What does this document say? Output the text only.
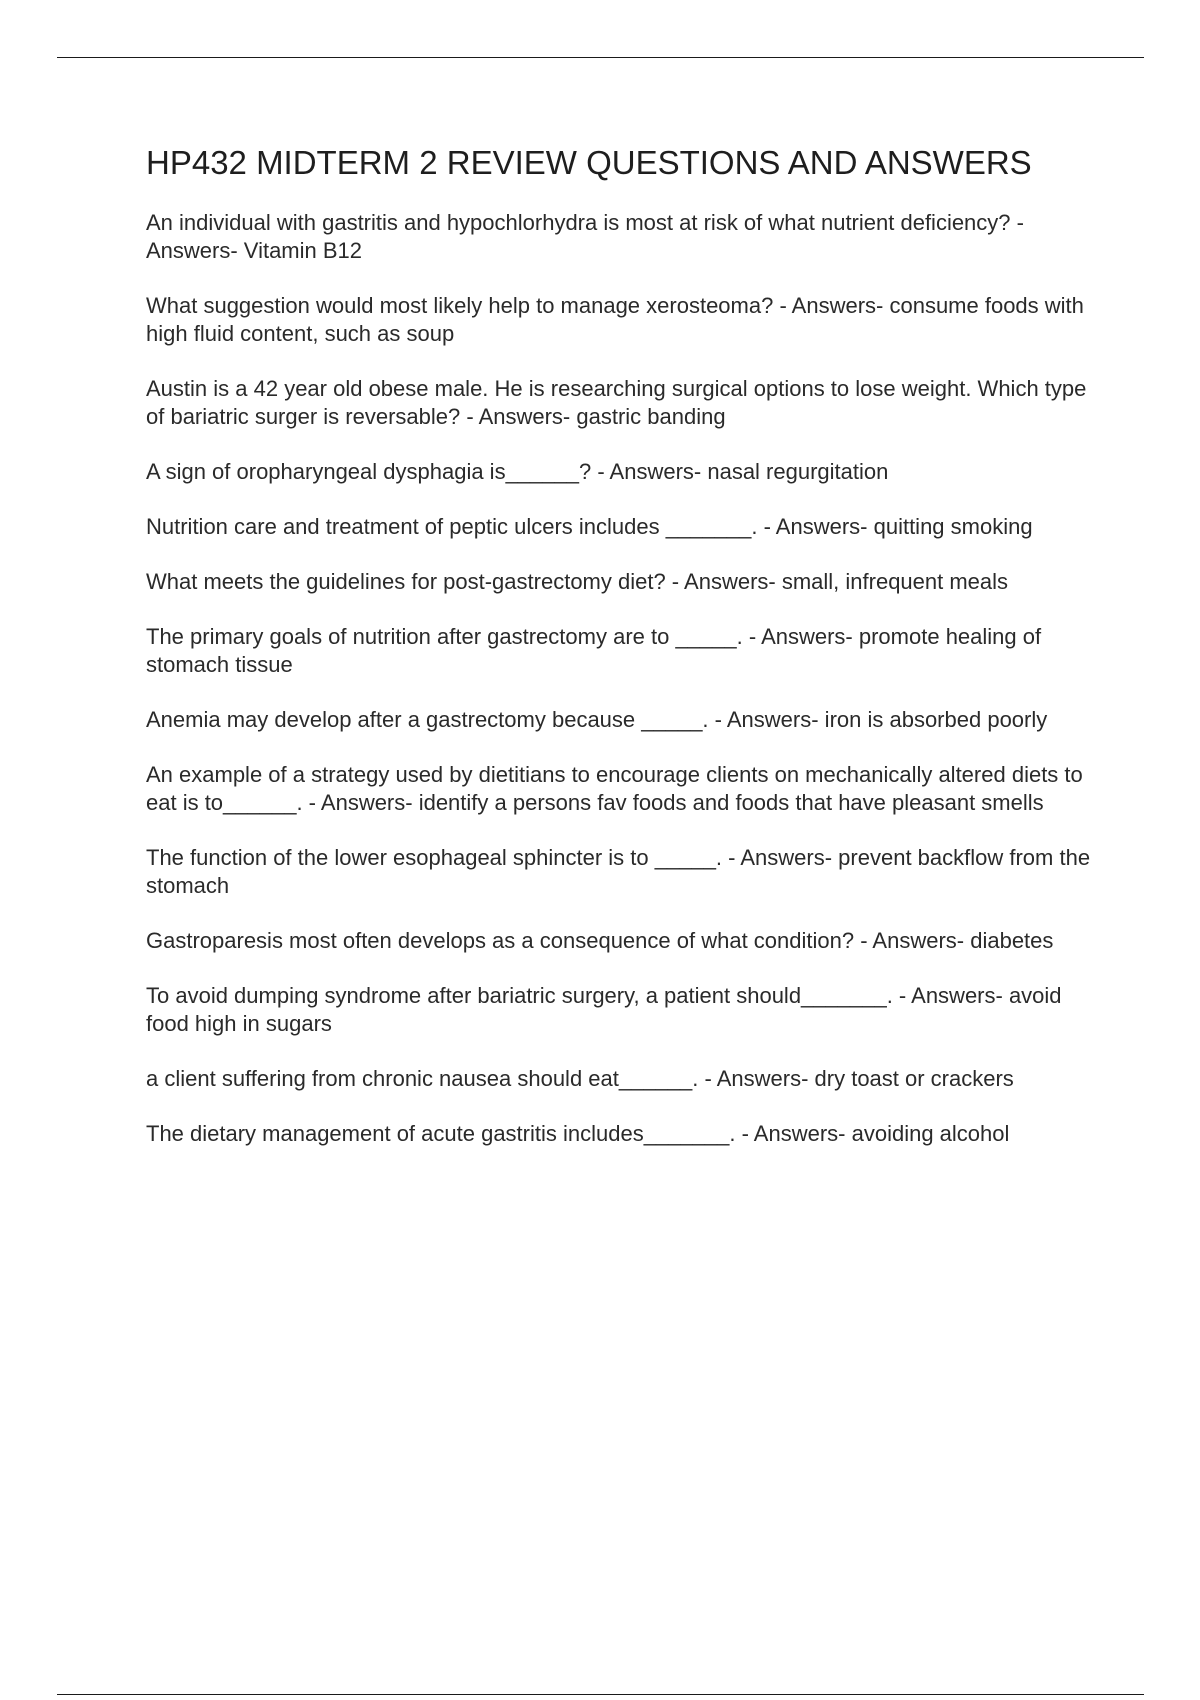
HP432 MIDTERM 2 REVIEW QUESTIONS AND ANSWERS

An individual with gastritis and hypochlorhydra is most at risk of what nutrient deficiency? - Answers- Vitamin B12

What suggestion would most likely help to manage xerosteoma? - Answers- consume foods with high fluid content, such as soup

Austin is a 42 year old obese male. He is researching surgical options to lose weight. Which type of bariatric surger is reversable? - Answers- gastric banding

A sign of oropharyngeal dysphagia is______? - Answers- nasal regurgitation

Nutrition care and treatment of peptic ulcers includes _______. - Answers- quitting smoking

What meets the guidelines for post-gastrectomy diet? - Answers- small, infrequent meals

The primary goals of nutrition after gastrectomy are to _____. - Answers- promote healing of stomach tissue

Anemia may develop after a gastrectomy because _____. - Answers- iron is absorbed poorly

An example of a strategy used by dietitians to encourage clients on mechanically altered diets to eat is to______. - Answers- identify a persons fav foods and foods that have pleasant smells

The function of the lower esophageal sphincter is to _____. - Answers- prevent backflow from the stomach

Gastroparesis most often develops as a consequence of what condition? - Answers- diabetes

To avoid dumping syndrome after bariatric surgery, a patient should_______. - Answers- avoid food high in sugars

a client suffering from chronic nausea should eat______. - Answers- dry toast or crackers

The dietary management of acute gastritis includes_______. - Answers- avoiding alcohol
